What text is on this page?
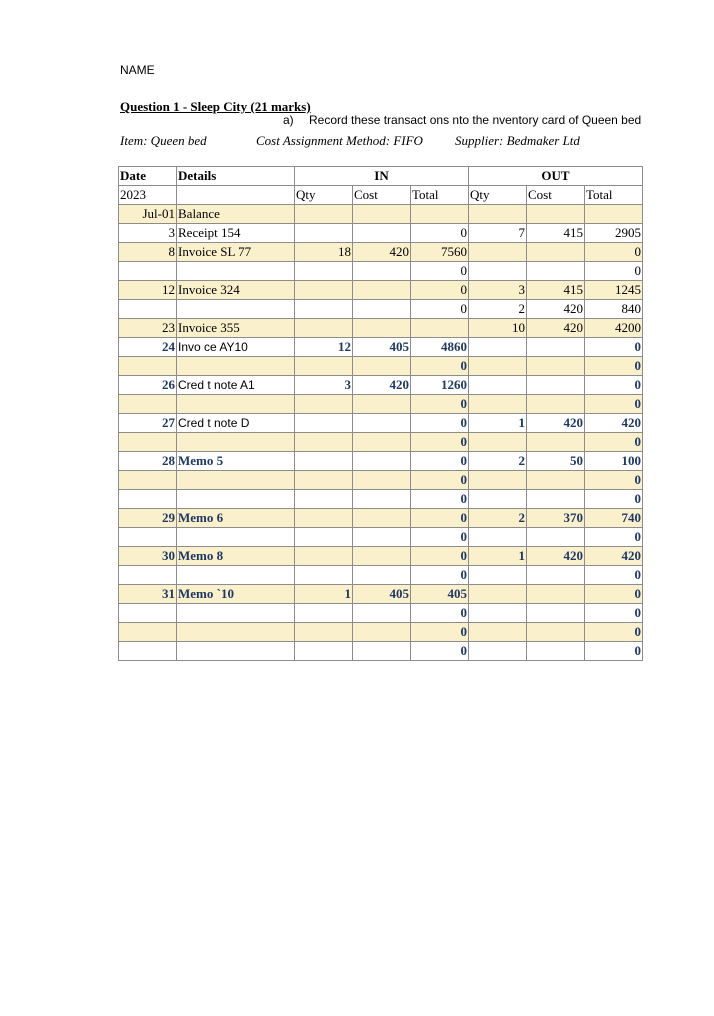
NAME
Question 1 - Sleep City (21 marks)
a) Record these transact ons nto the nventory card of Queen bed
Item: Queen bed	Cost Assignment Method: FIFO Supplier: Bedmaker Ltd
Date	Details	IN			OUT		
2023		Qty	Cost	Total	Qty	Cost	Total
Jul-01	Balance						
3	Receipt 154			0	7	415	2905
8	Invoice SL 77	18	420	7560			0
				0			0
12	Invoice 324			0	3	415	1245
				0	2	420	840
23	Invoice 355				10	420	4200
24	Invo ce AY10	12	405	4860			0
				0			0
26	Cred t note A1	3	420	1260			0
				0			0
27	Cred t note D			0	1	420	420
				0			0
28	Memo 5			0	2	50	100
				0			0
				0			0
29	Memo 6			0	2	370	740
				0			0
30	Memo 8			0	1	420	420
				0			0
31	Memo `10	1	405	405			0
				0			0
				0			0
				0			0
